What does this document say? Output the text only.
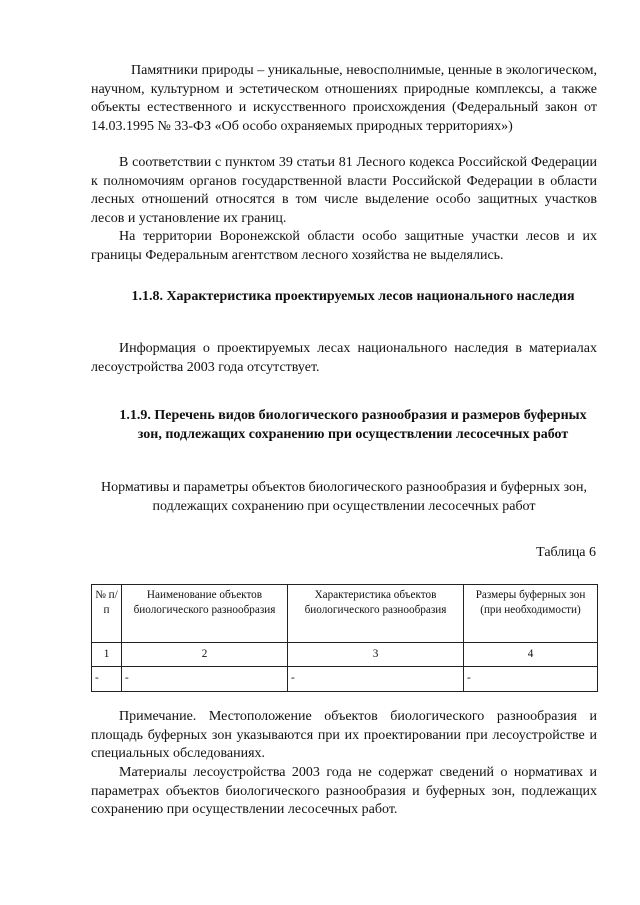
Памятники природы – уникальные, невосполнимые, ценные в экологическом, научном, культурном и эстетическом отношениях природные комплексы, а также объекты естественного и искусственного происхождения (Федеральный закон от 14.03.1995 № 33-ФЗ «Об особо охраняемых природных территориях»)

В соответствии с пунктом 39 статьи 81 Лесного кодекса Российской Федерации к полномочиям органов государственной власти Российской Федерации в области лесных отношений относятся в том числе выделение особо защитных участков лесов и установление их границ.

На территории Воронежской области особо защитные участки лесов и их границы Федеральным агентством лесного хозяйства не выделялись.

1.1.8. Характеристика проектируемых лесов национального наследия

Информация о проектируемых лесах национального наследия в материалах лесоустройства 2003 года отсутствует.

1.1.9. Перечень видов биологического разнообразия и размеров буферных зон, подлежащих сохранению при осуществлении лесосечных работ

Нормативы и параметры объектов биологического разнообразия и буферных зон, подлежащих сохранению при осуществлении лесосечных работ

Таблица 6

№ п/п	Наименование объектов биологического разнообразия	Характеристика объектов биологического разнообразия	Размеры буферных зон (при необходимости)
1	2	3	4
-	-	-	-

Примечание. Местоположение объектов биологического разнообразия и площадь буферных зон указываются при их проектировании при лесоустройстве и специальных обследованиях.

Материалы лесоустройства 2003 года не содержат сведений о нормативах и параметрах объектов биологического разнообразия и буферных зон, подлежащих сохранению при осуществлении лесосечных работ.
